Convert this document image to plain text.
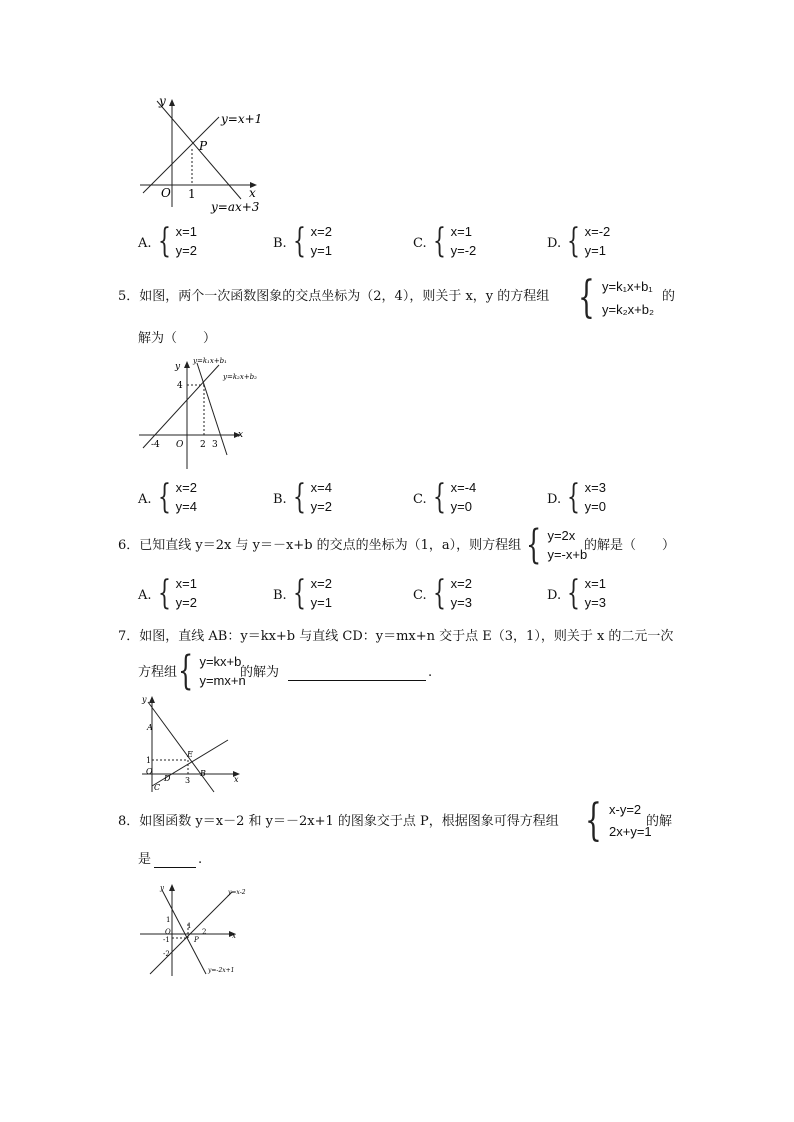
y
x
O 1
P
y=x+1
y=ax+3
A. { x=1
y=2	B. { x=2
y=1	C. { x=1
y=-2	D. { x=-2
y=1
5．如图，两个一次函数图象的交点坐标为（2，4），则关于 x，y 的方程组 { y=k₁x+b₁
y=k₂x+b₂
的
解为（　　）
y
x
4
O
-4	2 3
y=k₁x+b₁
y=k₂x+b₂
A. { x=2
y=4	B. { x=4
y=2	C. { x=-4
y=0	D. { x=3
y=0
6．已知直线 y＝2x 与 y＝－x+b 的交点的坐标为（1，a），则方程组 { y=2x
y=-x+b
的解是（　　）
A. { x=1
y=2	B. { x=2
y=1	C. { x=2
y=3	D. { x=1
y=3
7．如图，直线 AB：y＝kx+b 与直线 CD：y＝mx+n 交于点 E（3，1），则关于 x 的二元一次
方程组 { y=kx+b
y=mx+n
的解为	.
y
x
A
E
1
O
D 3
B
C
8．如图函数 y＝x－2 和 y＝－2x+1 的图象交于点 P，根据图象可得方程组 { x-y=2
2x+y=1
的解
是	.
y
x
1
O
-1
-2
1
2
P
y=x-2
y=-2x+1
